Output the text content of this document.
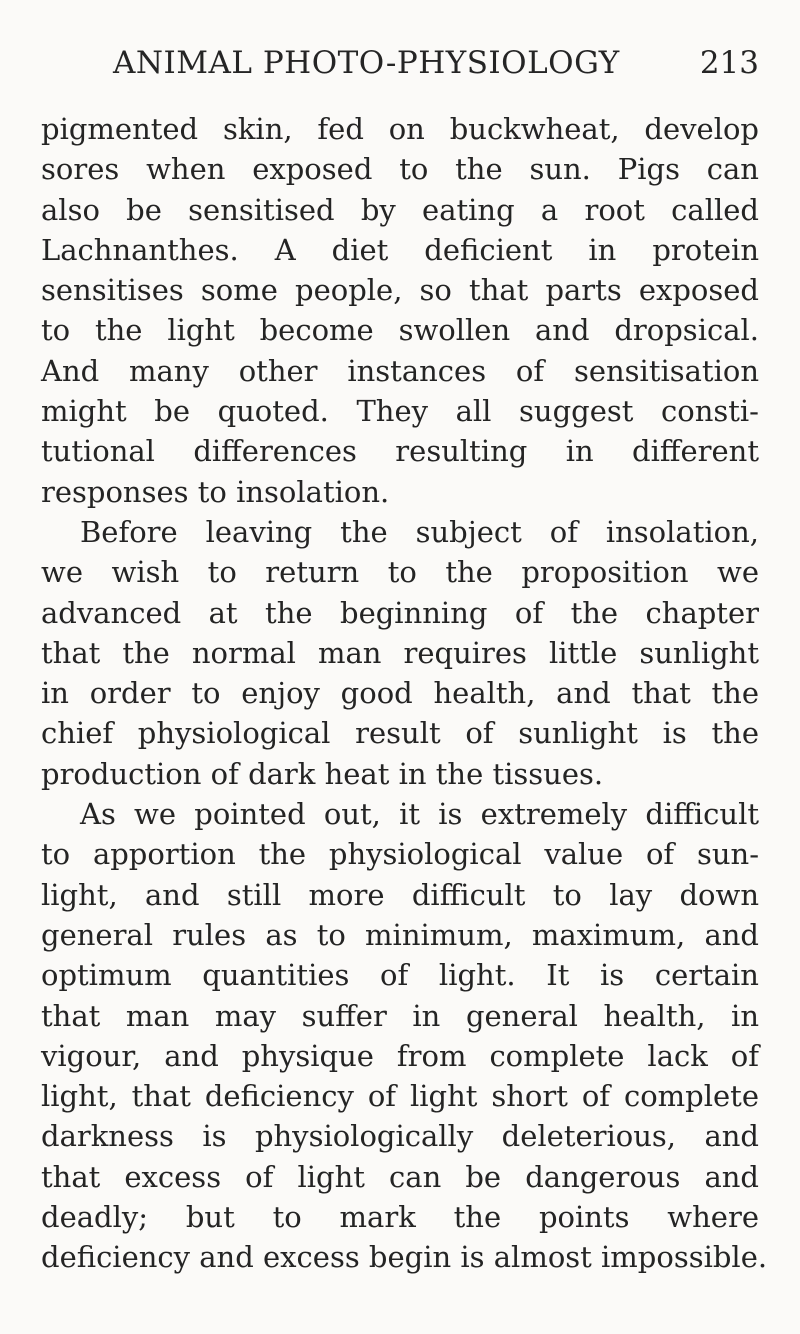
ANIMAL PHOTO-PHYSIOLOGY	213
pigmented skin, fed on buckwheat, develop
sores when exposed to the sun. Pigs can
also be sensitised by eating a root called
Lachnanthes. A diet deficient in protein
sensitises some people, so that parts exposed
to the light become swollen and dropsical.
And many other instances of sensitisation
might be quoted. They all suggest consti-
tutional differences resulting in different
responses to insolation.
Before leaving the subject of insolation,
we wish to return to the proposition we
advanced at the beginning of the chapter
that the normal man requires little sunlight
in order to enjoy good health, and that the
chief physiological result of sunlight is the
production of dark heat in the tissues.
As we pointed out, it is extremely difficult
to apportion the physiological value of sun-
light, and still more difficult to lay down
general rules as to minimum, maximum, and
optimum quantities of light. It is certain
that man may suffer in general health, in
vigour, and physique from complete lack of
light, that deficiency of light short of complete
darkness is physiologically deleterious, and
that excess of light can be dangerous and
deadly; but to mark the points where
deficiency and excess begin is almost impossible.
